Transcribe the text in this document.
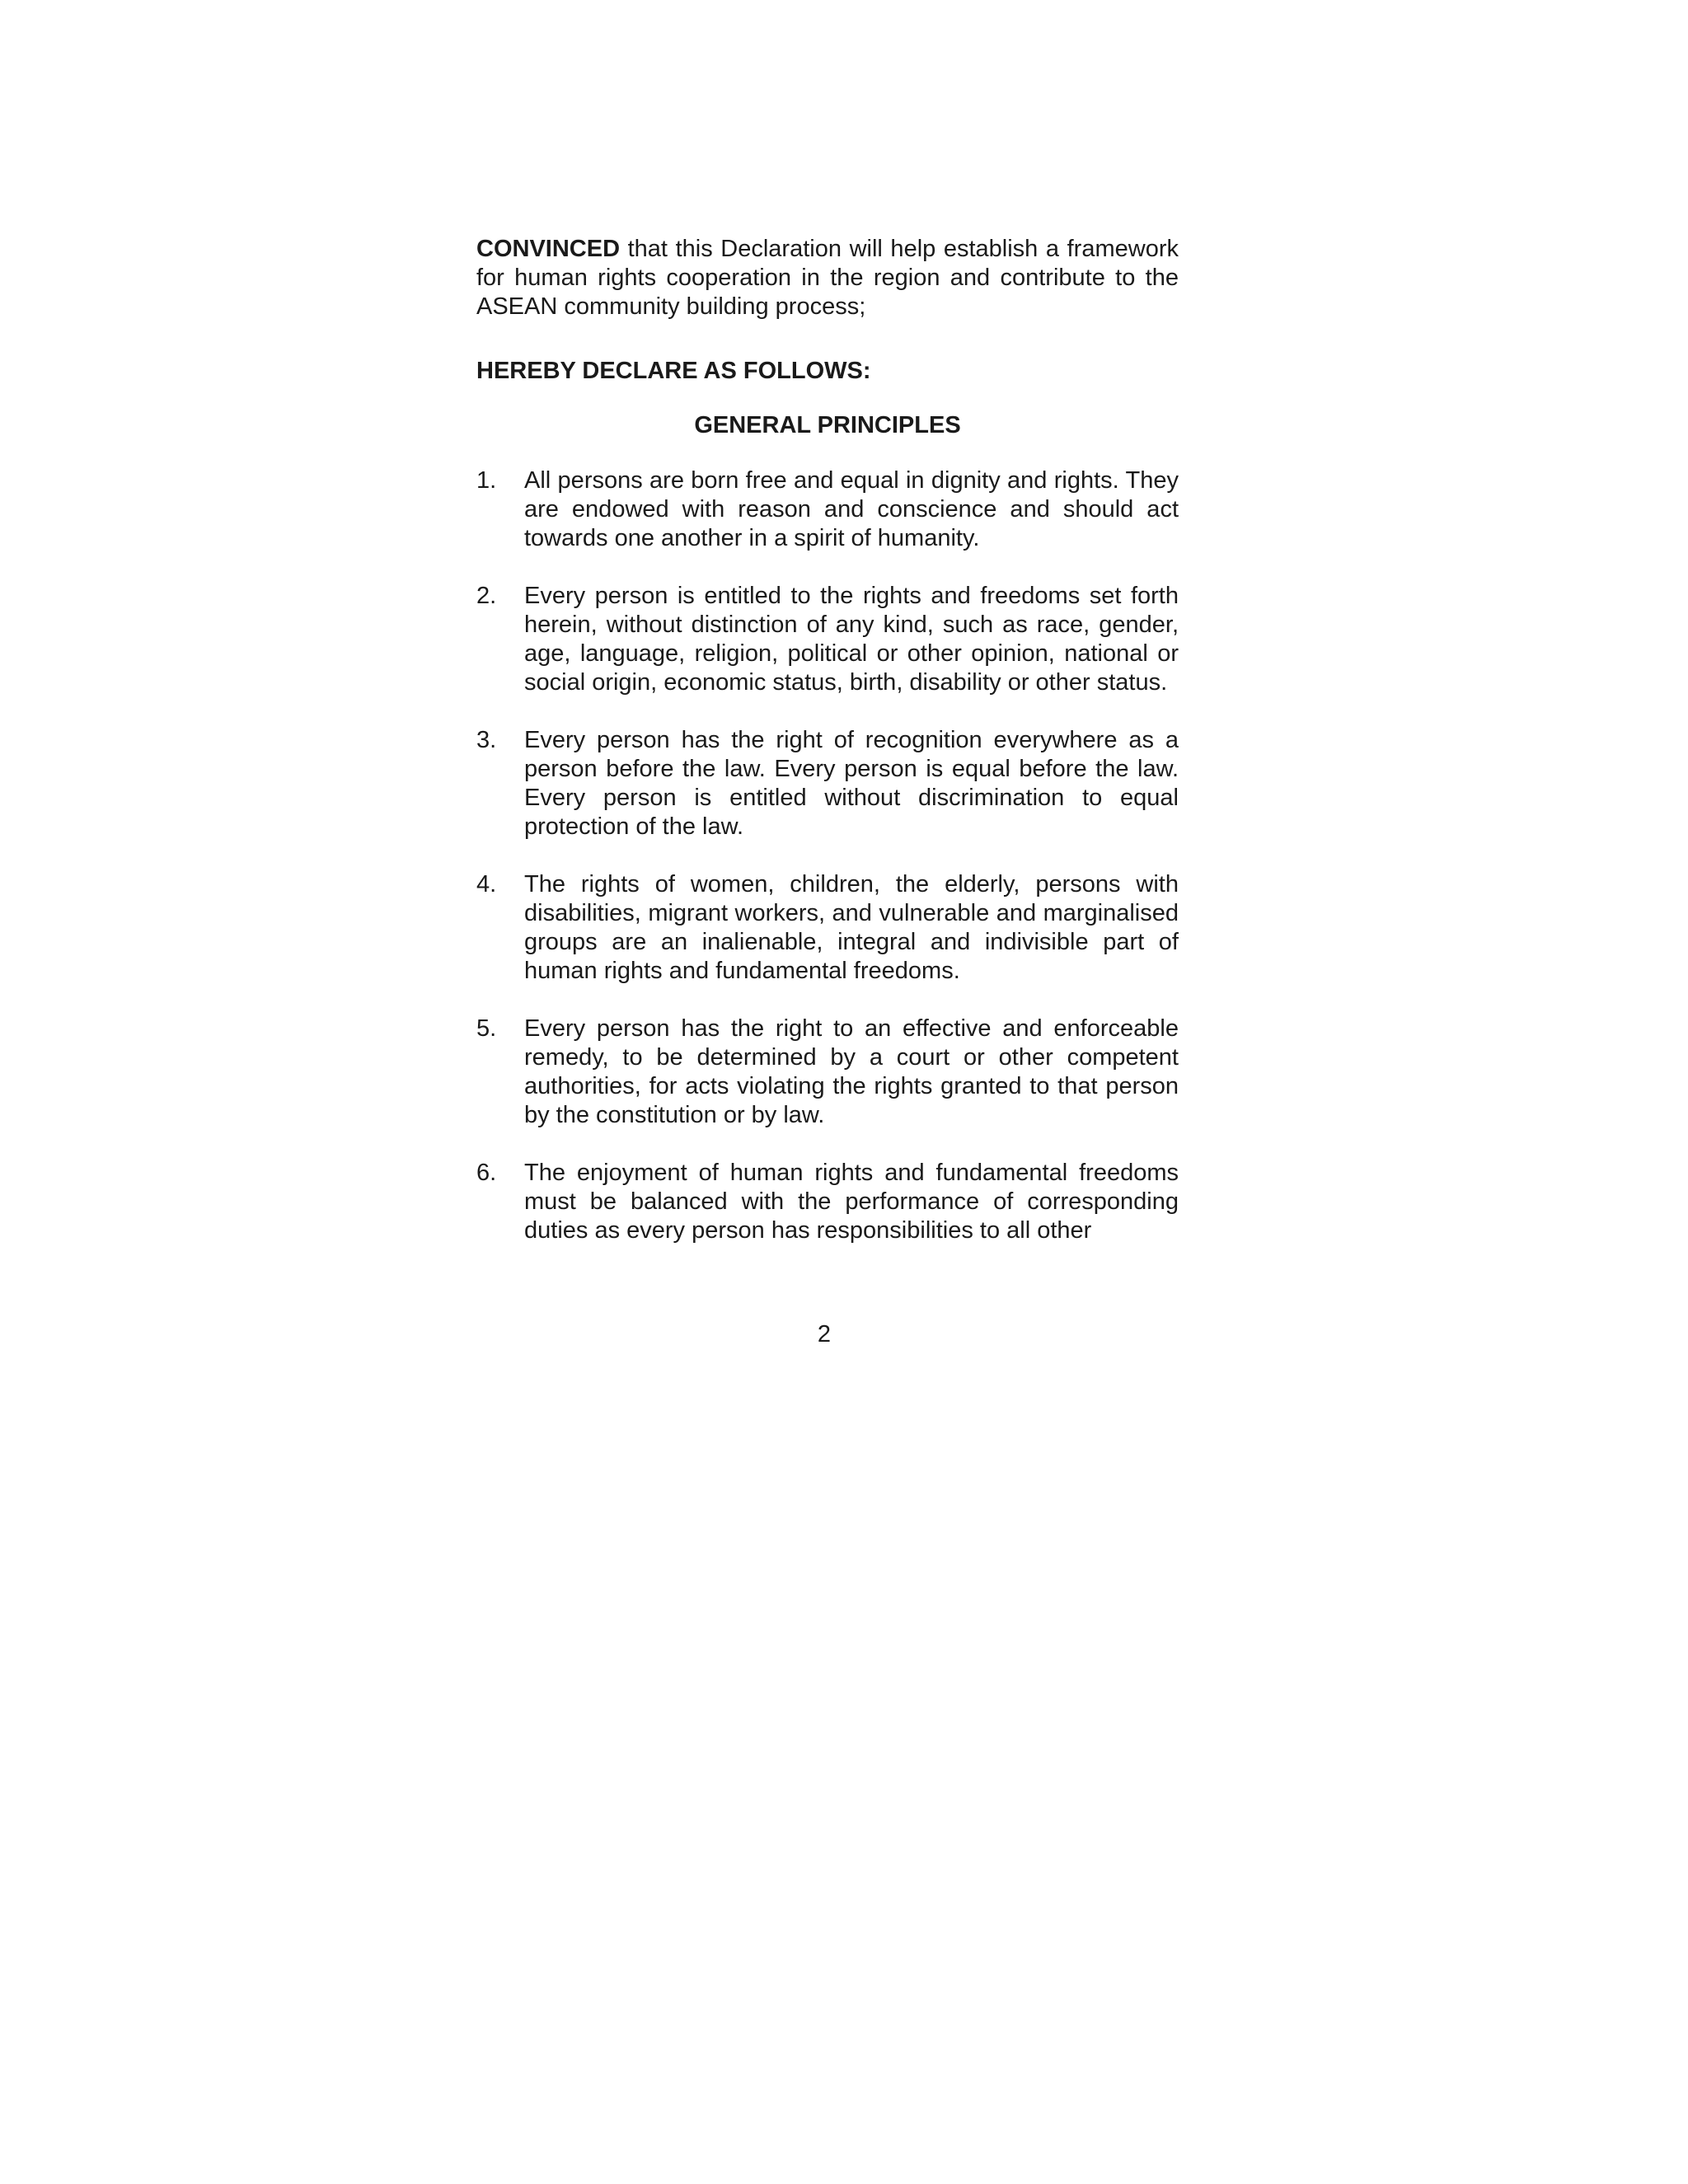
CONVINCED that this Declaration will help establish a framework for human rights cooperation in the region and contribute to the ASEAN community building process;

HEREBY DECLARE AS FOLLOWS:
GENERAL PRINCIPLES
1.	All persons are born free and equal in dignity and rights. They are endowed with reason and conscience and should act towards one another in a spirit of humanity.
2.	Every person is entitled to the rights and freedoms set forth herein, without distinction of any kind, such as race, gender, age, language, religion, political or other opinion, national or social origin, economic status, birth, disability or other status.
3.	Every person has the right of recognition everywhere as a person before the law. Every person is equal before the law. Every person is entitled without discrimination to equal protection of the law.
4.	The rights of women, children, the elderly, persons with disabilities, migrant workers, and vulnerable and marginalised groups are an inalienable, integral and indivisible part of human rights and fundamental freedoms.
5.	Every person has the right to an effective and enforceable remedy, to be determined by a court or other competent authorities, for acts violating the rights granted to that person by the constitution or by law.
6.	The enjoyment of human rights and fundamental freedoms must be balanced with the performance of corresponding duties as every person has responsibilities to all other
2
